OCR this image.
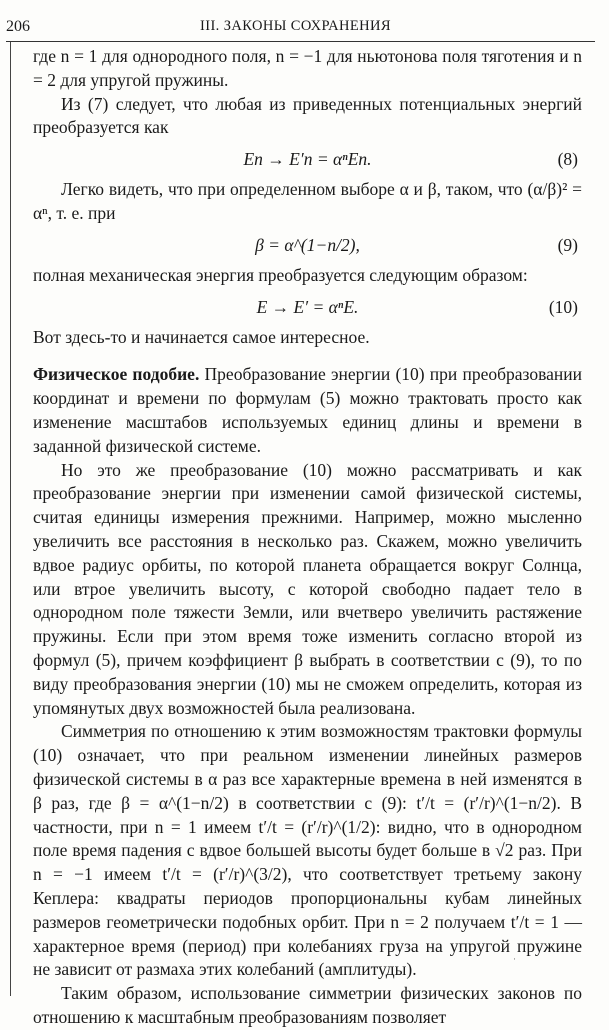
206	III. ЗАКОНЫ СОХРАНЕНИЯ

где n = 1 для однородного поля, n = −1 для ньютонова поля тяготения и n = 2 для упругой пружины.

Из (7) следует, что любая из приведенных потенциальных энергий преобразуется как

Eп → E′п = αⁿEп.	(8)

Легко видеть, что при определенном выборе α и β, таком, что (α/β)² = αⁿ, т. е. при

β = α^(1−n/2),	(9)

полная механическая энергия преобразуется следующим образом:

E → E′ = αⁿE.	(10)

Вот здесь-то и начинается самое интересное.

Физическое подобие. Преобразование энергии (10) при преобразовании координат и времени по формулам (5) можно трактовать просто как изменение масштабов используемых единиц длины и времени в заданной физической системе.

Но это же преобразование (10) можно рассматривать и как преобразование энергии при изменении самой физической системы, считая единицы измерения прежними. Например, можно мысленно увеличить все расстояния в несколько раз. Скажем, можно увеличить вдвое радиус орбиты, по которой планета обращается вокруг Солнца, или втрое увеличить высоту, с которой свободно падает тело в однородном поле тяжести Земли, или вчетверо увеличить растяжение пружины. Если при этом время тоже изменить согласно второй из формул (5), причем коэффициент β выбрать в соответствии с (9), то по виду преобразования энергии (10) мы не сможем определить, которая из упомянутых двух возможностей была реализована.

Симметрия по отношению к этим возможностям трактовки формулы (10) означает, что при реальном изменении линейных размеров физической системы в α раз все характерные времена в ней изменятся в β раз, где β = α^(1−n/2) в соответствии с (9): t′/t = (r′/r)^(1−n/2). В частности, при n = 1 имеем t′/t = (r′/r)^(1/2): видно, что в однородном поле время падения с вдвое большей высоты будет больше в √2 раз. При n = −1 имеем t′/t = (r′/r)^(3/2), что соответствует третьему закону Кеплера: квадраты периодов пропорциональны кубам линейных размеров геометрически подобных орбит. При n = 2 получаем t′/t = 1 — характерное время (период) при колебаниях груза на упругой пружине не зависит от размаха этих колебаний (амплитуды).

Таким образом, использование симметрии физических законов по отношению к масштабным преобразованиям позволяет

·
